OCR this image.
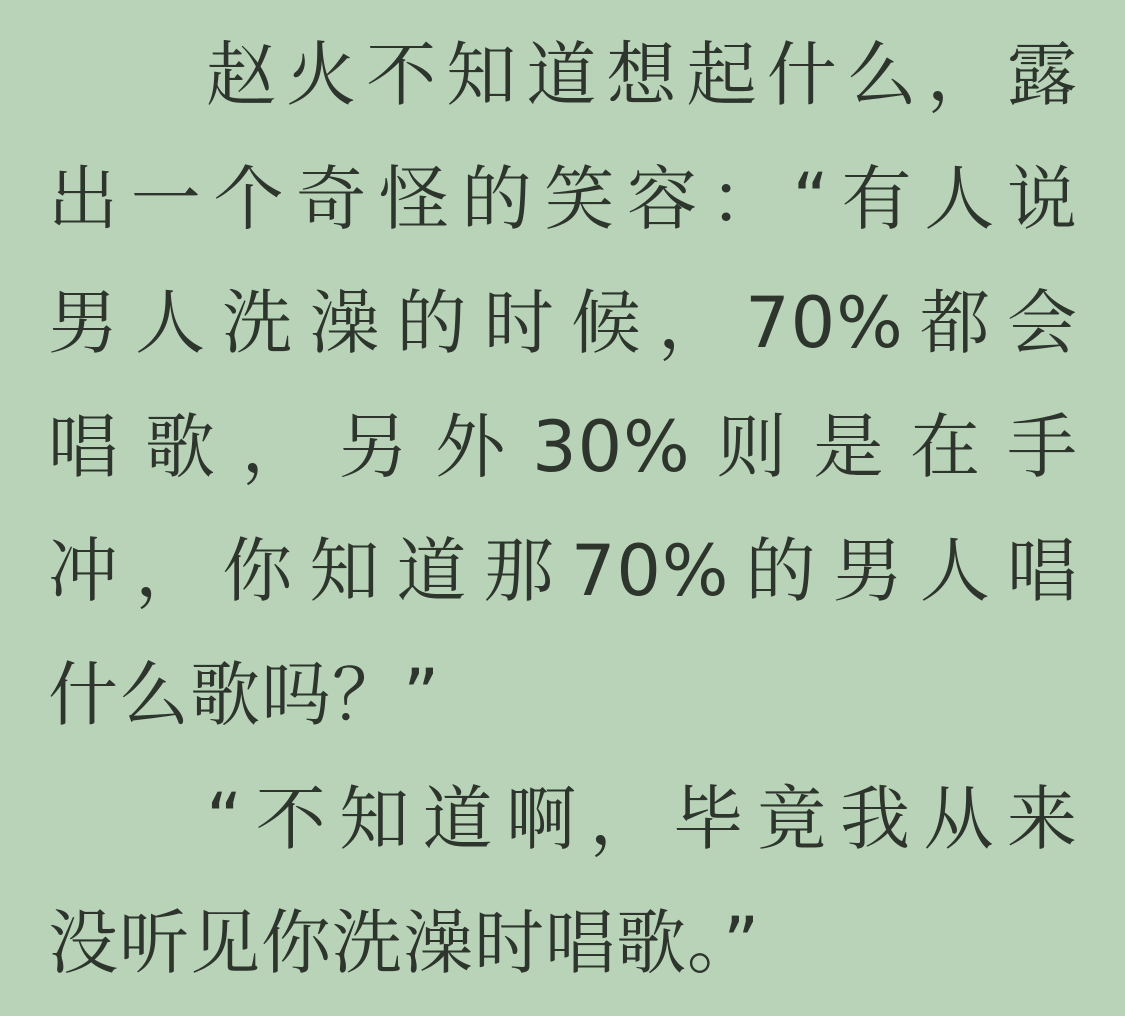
赵火不知道想起什么，露
出一个奇怪的笑容：“有人说
男人洗澡的时候，70%都会
唱歌，另外30%则是在手
冲，你知道那70%的男人唱
什么歌吗？”
“不知道啊，毕竟我从来
没听见你洗澡时唱歌。”
